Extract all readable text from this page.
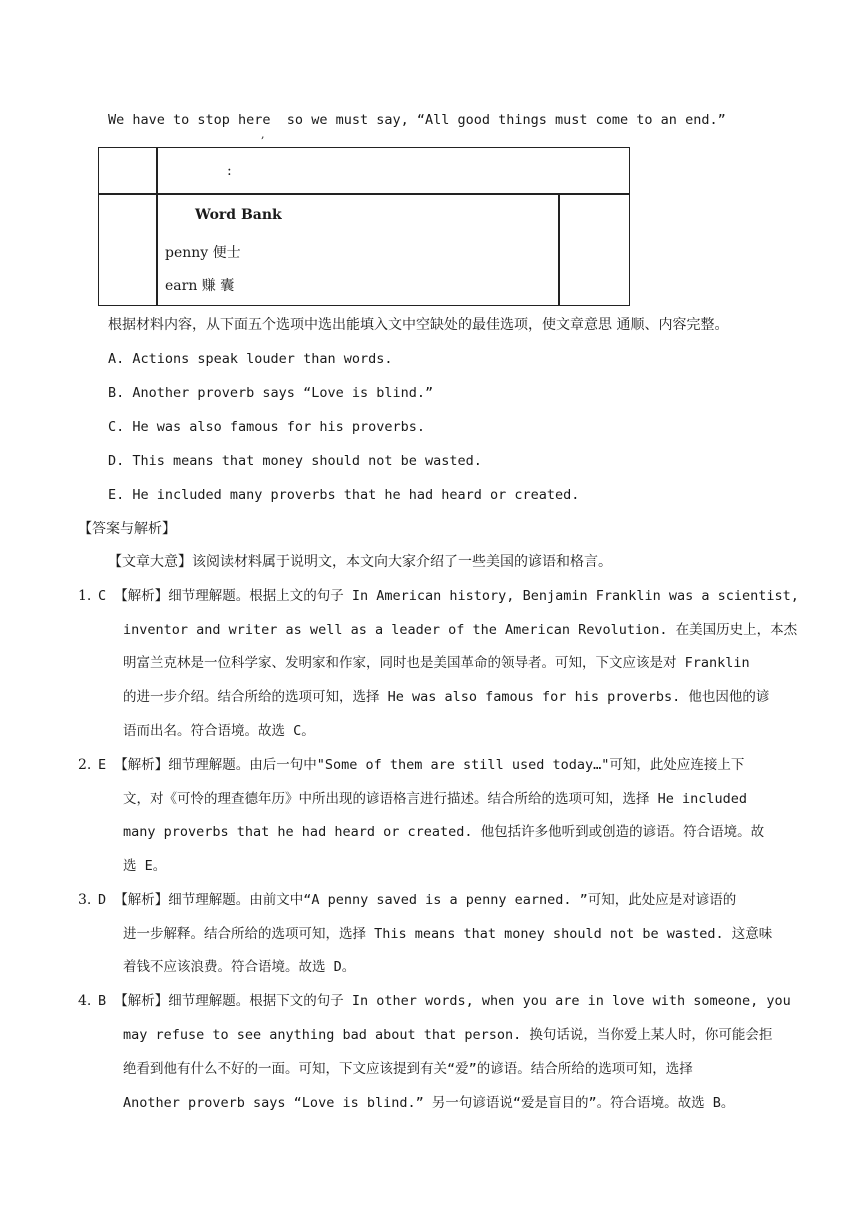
We have to stop here  so we must say, “All good things must come to an end.”
,
:
Word Bank
penny 便士
earn 赚 囊
根据材料内容，从下面五个选项中选出能填入文中空缺处的最佳选项，使文章意思 通顺、内容完整。
A. Actions speak louder than words.
B. Another proverb says “Love is blind.”
C. He was also famous for his proverbs.
D. This means that money should not be wasted.
E. He included many proverbs that he had heard or created.
【答案与解析】
【文章大意】该阅读材料属于说明文，本文向大家介绍了一些美国的谚语和格言。
1. C 【解析】细节理解题。根据上文的句子 In American history, Benjamin Franklin was a scientist,
inventor and writer as well as a leader of the American Revolution. 在美国历史上，本杰
明富兰克林是一位科学家、发明家和作家，同时也是美国革命的领导者。可知，下文应该是对 Franklin
的进一步介绍。结合所给的选项可知，选择 He was also famous for his proverbs. 他也因他的谚
语而出名。符合语境。故选 C。
2. E 【解析】细节理解题。由后一句中"Some of them are still used today…"可知，此处应连接上下
文，对《可怜的理查德年历》中所出现的谚语格言进行描述。结合所给的选项可知，选择 He included
many proverbs that he had heard or created. 他包括许多他听到或创造的谚语。符合语境。故
选 E。
3. D 【解析】细节理解题。由前文中“A penny saved is a penny earned. ”可知，此处应是对谚语的
进一步解释。结合所给的选项可知，选择 This means that money should not be wasted. 这意味
着钱不应该浪费。符合语境。故选 D。
4. B 【解析】细节理解题。根据下文的句子 In other words, when you are in love with someone, you
may refuse to see anything bad about that person. 换句话说，当你爱上某人时，你可能会拒
绝看到他有什么不好的一面。可知，下文应该提到有关“爱”的谚语。结合所给的选项可知，选择
Another proverb says “Love is blind.” 另一句谚语说“爱是盲目的”。符合语境。故选 B。
